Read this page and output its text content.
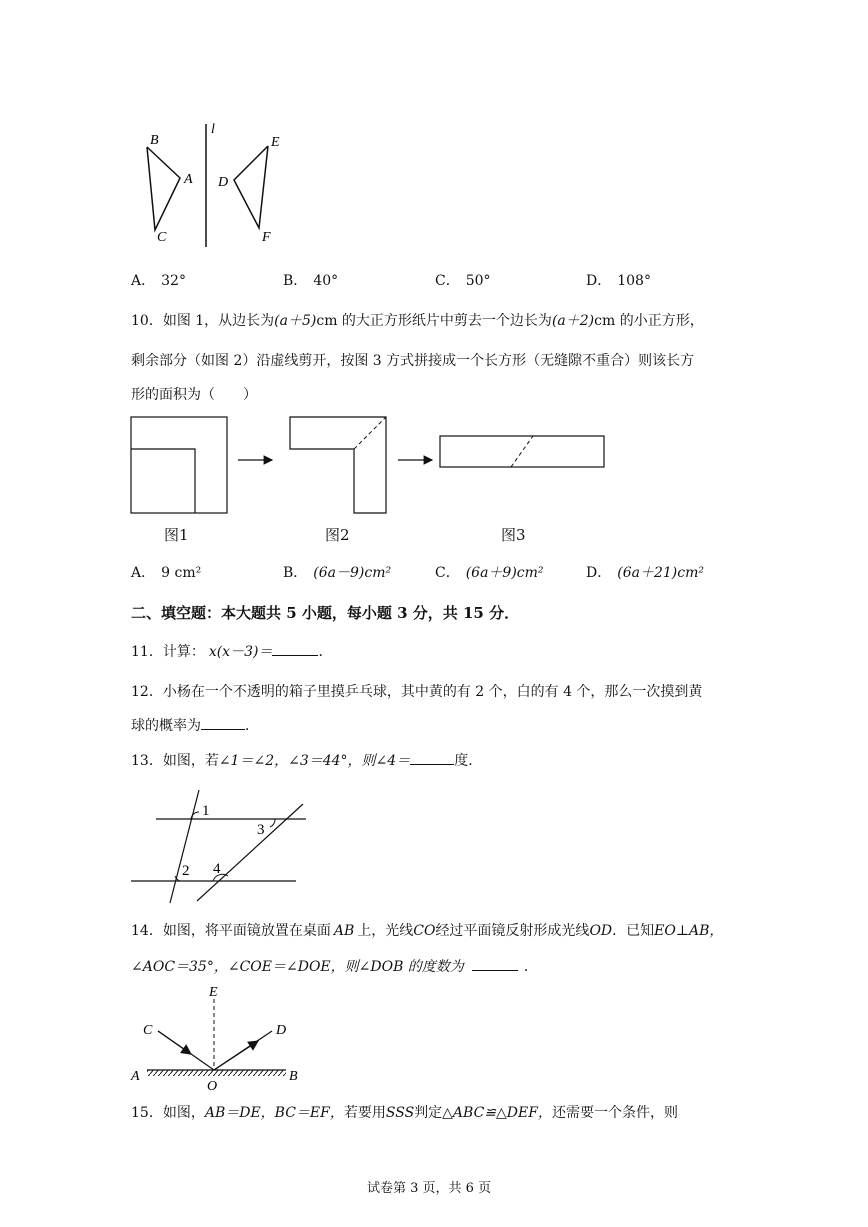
B
A
C
l
E
D
F
A． 32°	B． 40°	C． 50°	D． 108°
10．如图 1，从边长为(a＋5)cm 的大正方形纸片中剪去一个边长为(a＋2)cm 的小正方形，
剩余部分（如图 2）沿虚线剪开，按图 3 方式拼接成一个长方形（无缝隙不重合）则该长方
形的面积为（　　）
图1	图2	图3
A． 9 cm²	B． (6a－9)cm²	C． (6a＋9)cm²	D． (6a＋21)cm²
二、填空题：本大题共 5 小题，每小题 3 分，共 15 分．
11．计算： x(x－3)＝	．
12．小杨在一个不透明的箱子里摸乒乓球，其中黄的有 2 个，白的有 4 个，那么一次摸到黄
球的概率为	．
13．如图，若∠1＝∠2，∠3＝44°，则∠4＝	度．
1
2
3
4
14．如图，将平面镜放置在桌面 AB 上，光线CO经过平面镜反射形成光线OD．已知EO⊥AB，
∠AOC＝35°，∠COE＝∠DOE，则∠DOB 的度数为	．
E
C	D
A	B
O
15．如图，AB＝DE，BC＝EF，若要用SSS判定△ABC≌△DEF，还需要一个条件，则
试卷第 3 页，共 6 页
